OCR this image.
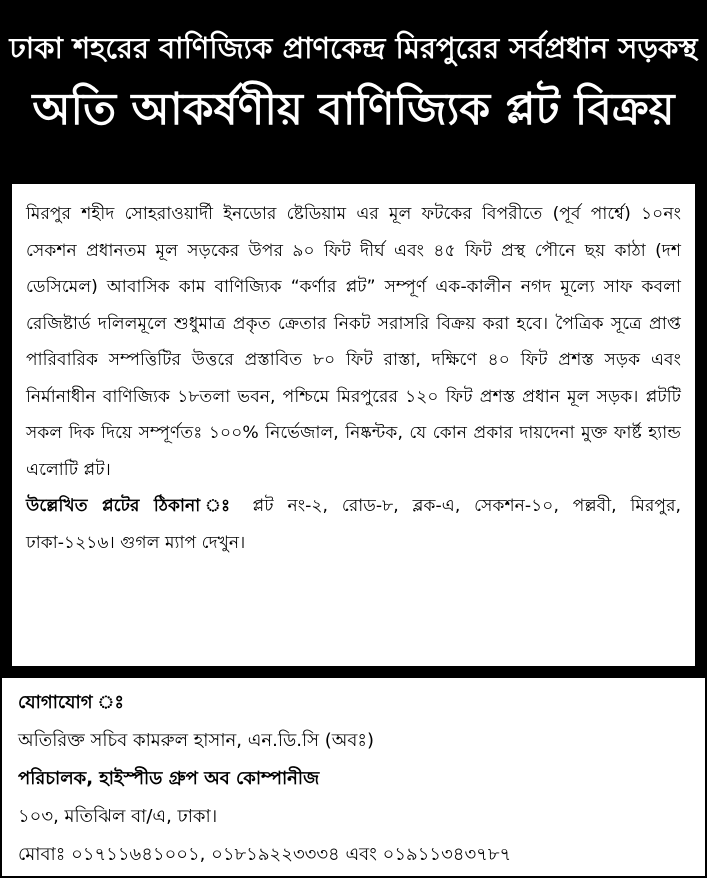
ঢাকা শহরের বাণিজ্যিক প্রাণকেন্দ্র মিরপুরের সর্বপ্রধান সড়কস্থ
অতি আকর্ষণীয় বাণিজ্যিক প্লট বিক্রয়

মিরপুর শহীদ সোহরাওয়ার্দী ইনডোর ষ্টেডিয়াম এর মূল ফটকের বিপরীতে (পূর্ব পার্শ্বে) ১০নং সেকশন প্রধানতম মূল সড়কের উপর ৯০ ফিট দীর্ঘ এবং ৪৫ ফিট প্রস্থ পৌনে ছয় কাঠা (দশ ডেসিমেল) আবাসিক কাম বাণিজ্যিক “কর্ণার প্লট” সম্পূর্ণ এক-কালীন নগদ মূল্যে সাফ কবলা রেজিষ্টার্ড দলিলমূলে শুধুমাত্র প্রকৃত ক্রেতার নিকট সরাসরি বিক্রয় করা হবে। পৈত্রিক সূত্রে প্রাপ্ত পারিবারিক সম্পত্তিটির উত্তরে প্রস্তাবিত ৮০ ফিট রাস্তা, দক্ষিণে ৪০ ফিট প্রশস্ত সড়ক এবং নির্মানাধীন বাণিজ্যিক ১৮তলা ভবন, পশ্চিমে মিরপুরের ১২০ ফিট প্রশস্ত প্রধান মূল সড়ক। প্লটটি সকল দিক দিয়ে সম্পূর্ণতঃ ১০০% নির্ভেজাল, নিষ্কন্টক, যে কোন প্রকার দায়দেনা মুক্ত ফার্ষ্ট হ্যান্ড এলোটি প্লট।

উল্লেখিত প্লটের ঠিকানা ঃ প্লট নং-২, রোড-৮, ব্লক-এ, সেকশন-১০, পল্লবী, মিরপুর, ঢাকা-১২১৬। গুগল ম্যাপ দেখুন।

যোগাযোগ ঃ
অতিরিক্ত সচিব কামরুল হাসান, এন.ডি.সি (অবঃ)
পরিচালক, হাইস্পীড গ্রুপ অব কোম্পানীজ
১০৩, মতিঝিল বা/এ, ঢাকা।
মোবাঃ ০১৭১১৬৪১০০১, ০১৮১৯২২৩৩৩৪ এবং ০১৯১১৩৪৩৭৮৭
